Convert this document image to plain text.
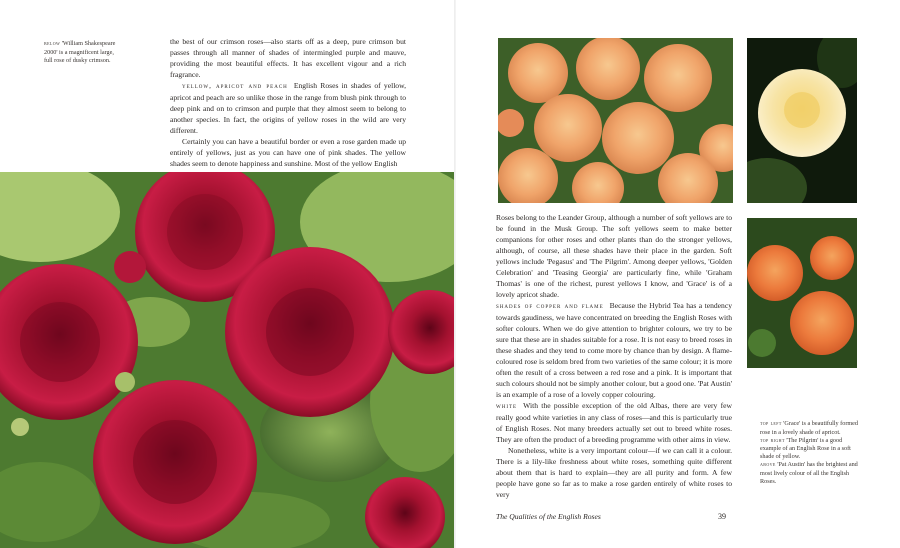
below 'William Shakespeare 2000' is a magnificent large, full rose of dusky crimson.

the best of our crimson roses—also starts off as a deep, pure crimson but passes through all manner of shades of intermingled purple and mauve, providing the most beautiful effects. It has excellent vigour and a rich fragrance.

yellow, apricot and peach English Roses in shades of yellow, apricot and peach are so unlike those in the range from blush pink through to deep pink and on to crimson and purple that they almost seem to belong to another species. In fact, the origins of yellow roses in the wild are very different.

Certainly you can have a beautiful border or even a rose garden made up entirely of yellows, just as you can have one of pink shades. The yellow shades seem to denote happiness and sunshine. Most of the yellow English

Roses belong to the Leander Group, although a number of soft yellows are to be found in the Musk Group. The soft yellows seem to make better companions for other roses and other plants than do the stronger yellows, although, of course, all these shades have their place in the garden. Soft yellows include 'Pegasus' and 'The Pilgrim'. Among deeper yellows, 'Golden Celebration' and 'Teasing Georgia' are particularly fine, while 'Graham Thomas' is one of the richest, purest yellows I know, and 'Grace' is of a lovely apricot shade.

shades of copper and flame Because the Hybrid Tea has a tendency towards gaudiness, we have concentrated on breeding the English Roses with softer colours. When we do give attention to brighter colours, we try to be sure that these are in shades suitable for a rose. It is not easy to breed roses in these shades and they tend to come more by chance than by design. A flame-coloured rose is seldom bred from two varieties of the same colour; it is more often the result of a cross between a red rose and a pink. It is important that such colours should not be simply another colour, but a good one. 'Pat Austin' is an example of a rose of a lovely copper colouring.

white With the possible exception of the old Albas, there are very few really good white varieties in any class of roses—and this is particularly true of English Roses. Not many breeders actually set out to breed white roses. They are often the product of a breeding programme with other aims in view.

Nonetheless, white is a very important colour—if we can call it a colour. There is a lily-like freshness about white roses, something quite different about them that is hard to explain—they are all purity and form. A few people have gone so far as to make a rose garden entirely of white roses to very

top left 'Grace' is a beautifully formed rose in a lovely shade of apricot.
top right 'The Pilgrim' is a good example of an English Rose in a soft shade of yellow.
above 'Pat Austin' has the brightest and most lively colour of all the English Roses.
The Qualities of the English Roses	39
